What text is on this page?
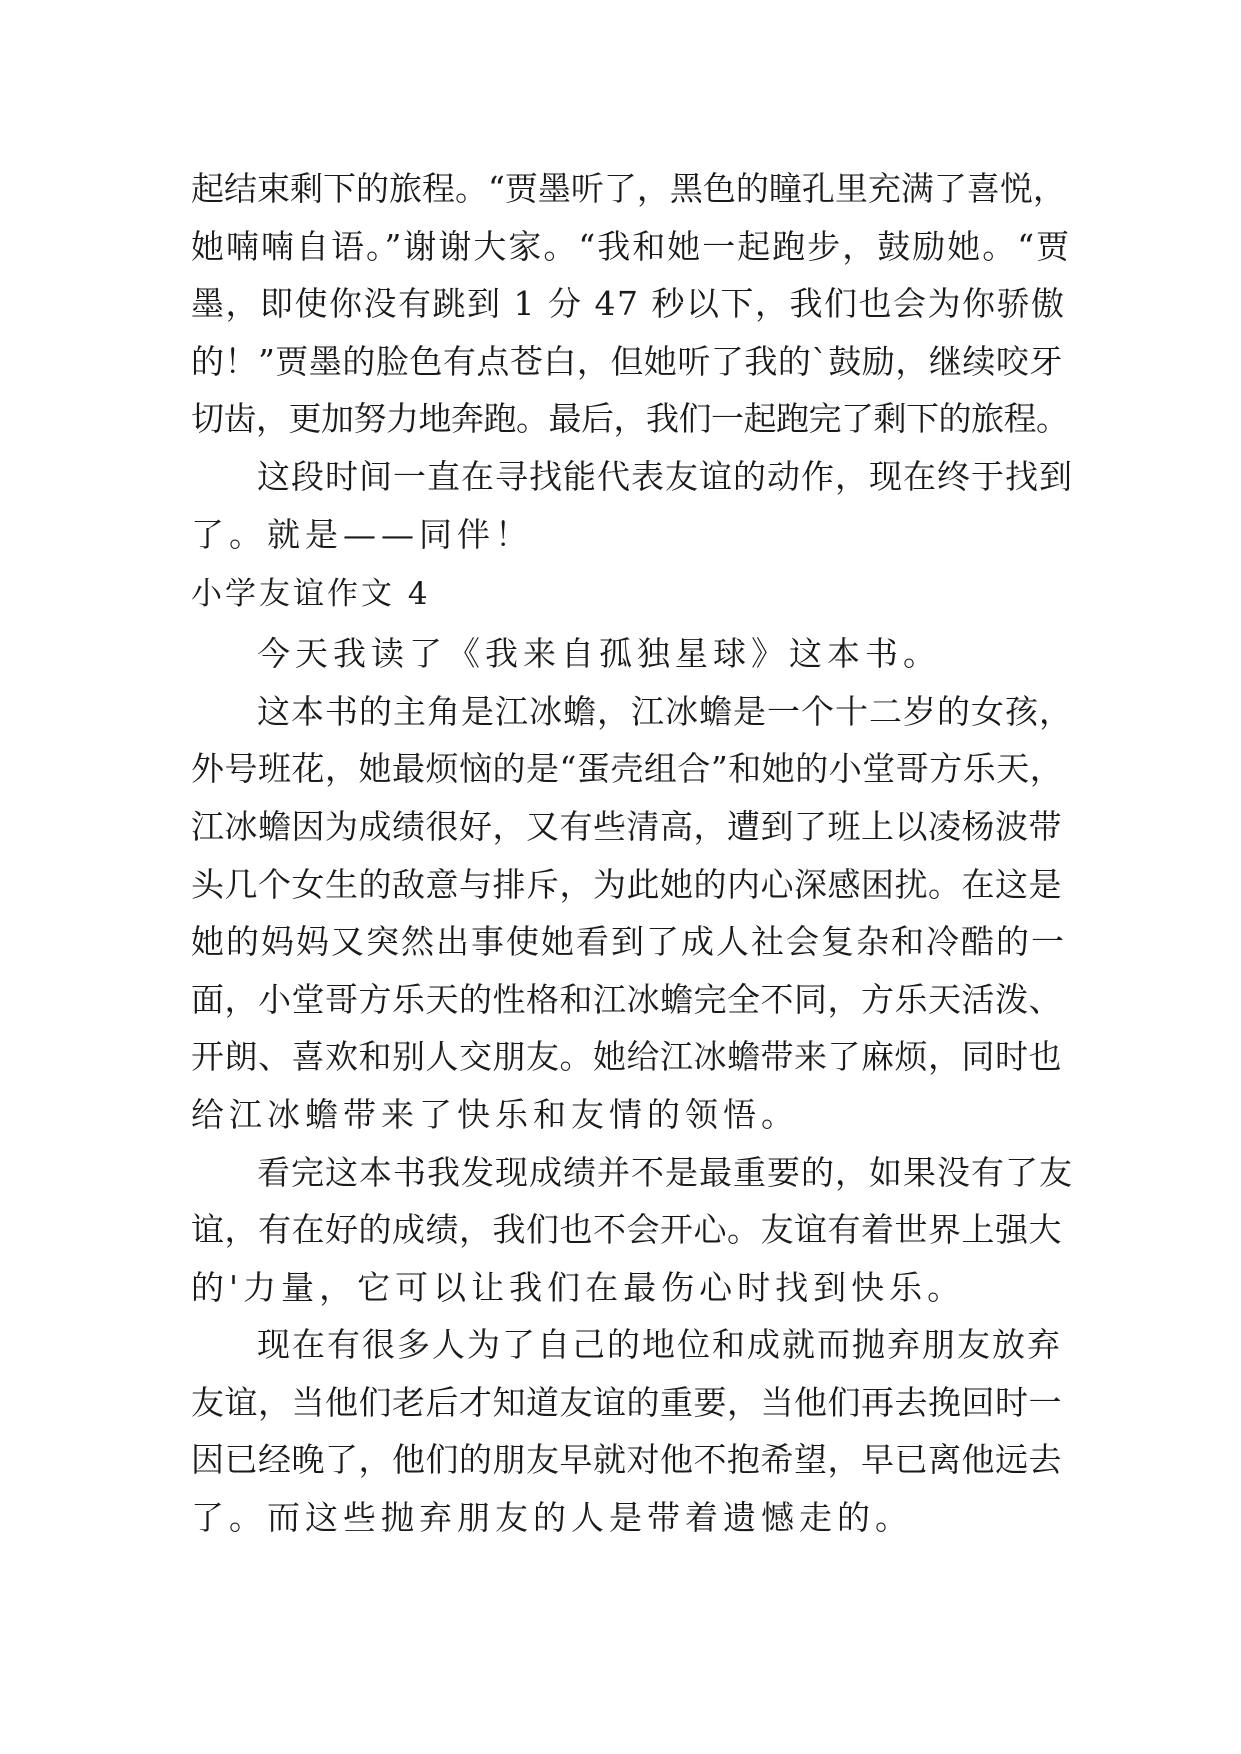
起结束剩下的旅程。“贾墨听了，黑色的瞳孔里充满了喜悦，
她喃喃自语。”谢谢大家。“我和她一起跑步，鼓励她。“贾
墨，即使你没有跳到 1 分 47 秒以下，我们也会为你骄傲
的！”贾墨的脸色有点苍白，但她听了我的`鼓励，继续咬牙
切齿，更加努力地奔跑。最后，我们一起跑完了剩下的旅程。
这段时间一直在寻找能代表友谊的动作，现在终于找到
了。就是——同伴！
小学友谊作文 4
今天我读了《我来自孤独星球》这本书。
这本书的主角是江冰蟾，江冰蟾是一个十二岁的女孩，
外号班花，她最烦恼的是“蛋壳组合”和她的小堂哥方乐天，
江冰蟾因为成绩很好，又有些清高，遭到了班上以凌杨波带
头几个女生的敌意与排斥，为此她的内心深感困扰。在这是
她的妈妈又突然出事使她看到了成人社会复杂和冷酷的一
面，小堂哥方乐天的性格和江冰蟾完全不同，方乐天活泼、
开朗、喜欢和别人交朋友。她给江冰蟾带来了麻烦，同时也
给江冰蟾带来了快乐和友情的领悟。
看完这本书我发现成绩并不是最重要的，如果没有了友
谊，有在好的成绩，我们也不会开心。友谊有着世界上强大
的'力量，它可以让我们在最伤心时找到快乐。
现在有很多人为了自己的地位和成就而抛弃朋友放弃
友谊，当他们老后才知道友谊的重要，当他们再去挽回时一
因已经晚了，他们的朋友早就对他不抱希望，早已离他远去
了。而这些抛弃朋友的人是带着遗憾走的。
